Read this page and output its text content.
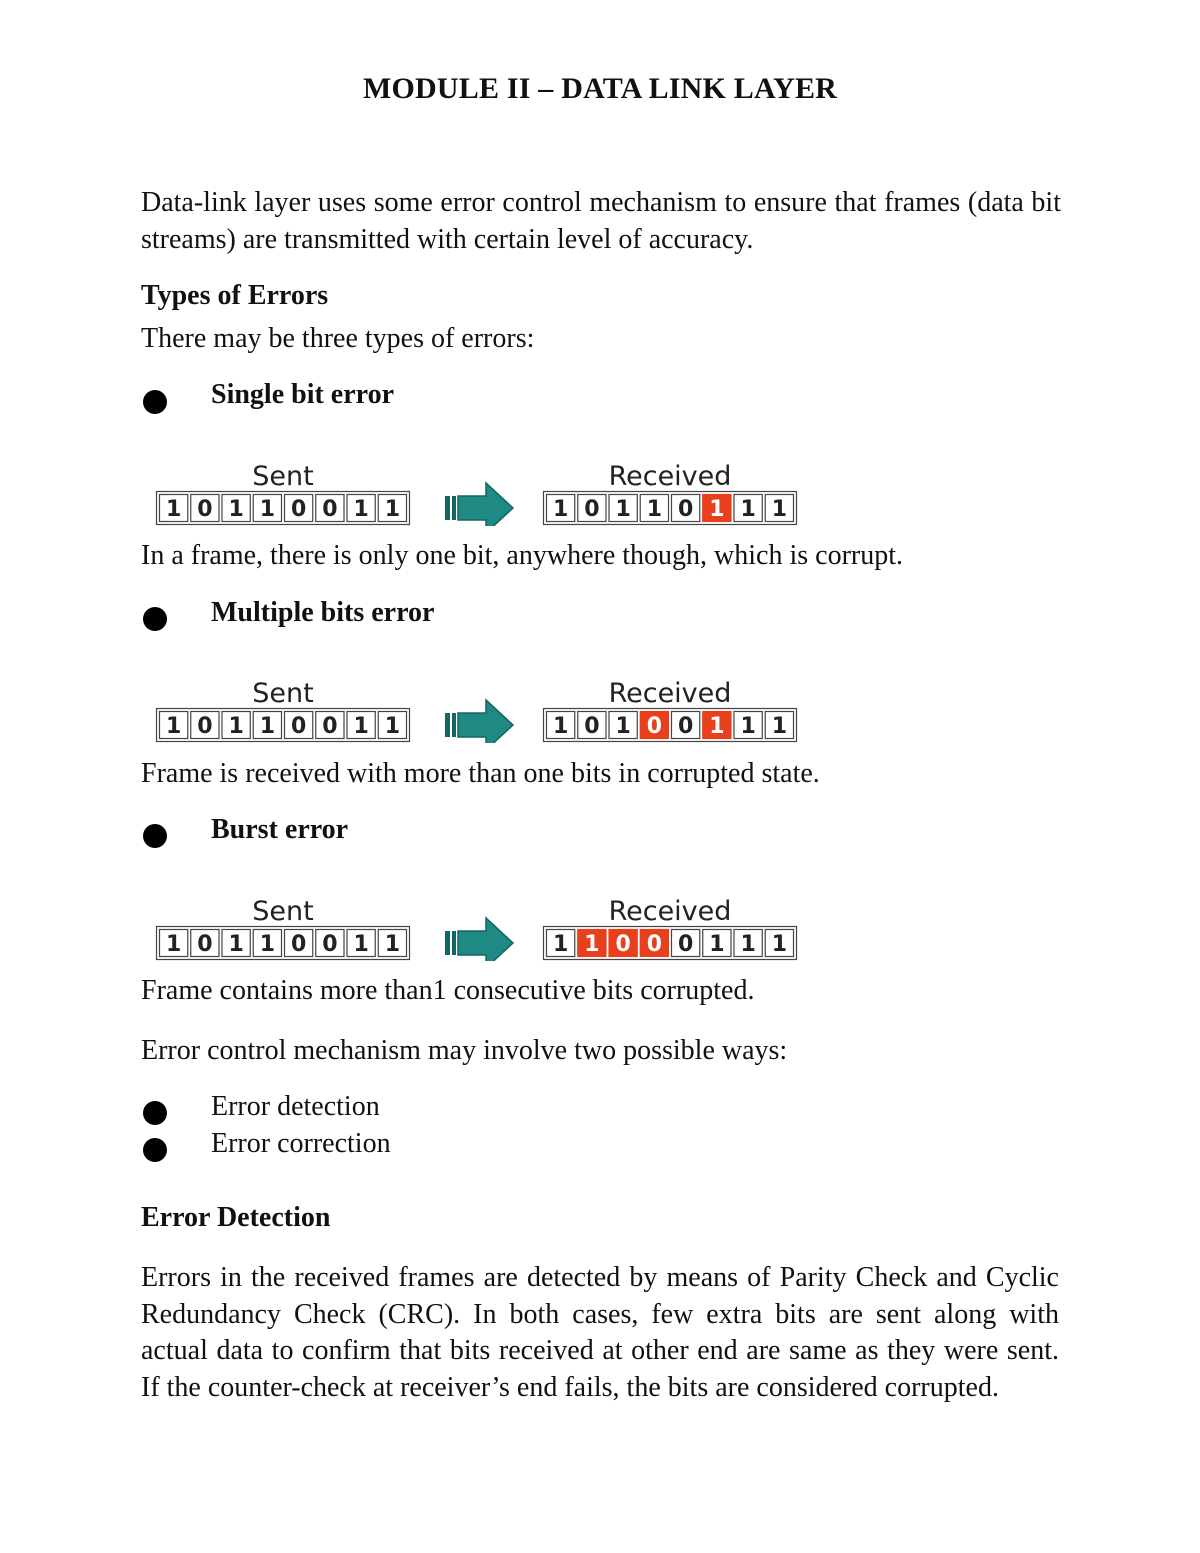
MODULE II – DATA LINK LAYER
Data-link layer uses some error control mechanism to ensure that frames (data bit streams) are transmitted with certain level of accuracy.
Types of Errors
There may be three types of errors:
Single bit error
Sent
1 0 1 1 0 0 1 1
Received
1 0 1 1 0 1 1 1
In a frame, there is only one bit, anywhere though, which is corrupt.
Multiple bits error
Sent
1 0 1 1 0 0 1 1
Received
1 0 1 0 0 1 1 1
Frame is received with more than one bits in corrupted state.
Burst error
Sent
1 0 1 1 0 0 1 1
Received
1 1 0 0 0 1 1 1
Frame contains more than1 consecutive bits corrupted.
Error control mechanism may involve two possible ways:
Error detection
Error correction
Error Detection
Errors in the received frames are detected by means of Parity Check and Cyclic Redundancy Check (CRC). In both cases, few extra bits are sent along with actual data to confirm that bits received at other end are same as they were sent. If the counter-check at receiver’s end fails, the bits are considered corrupted.
